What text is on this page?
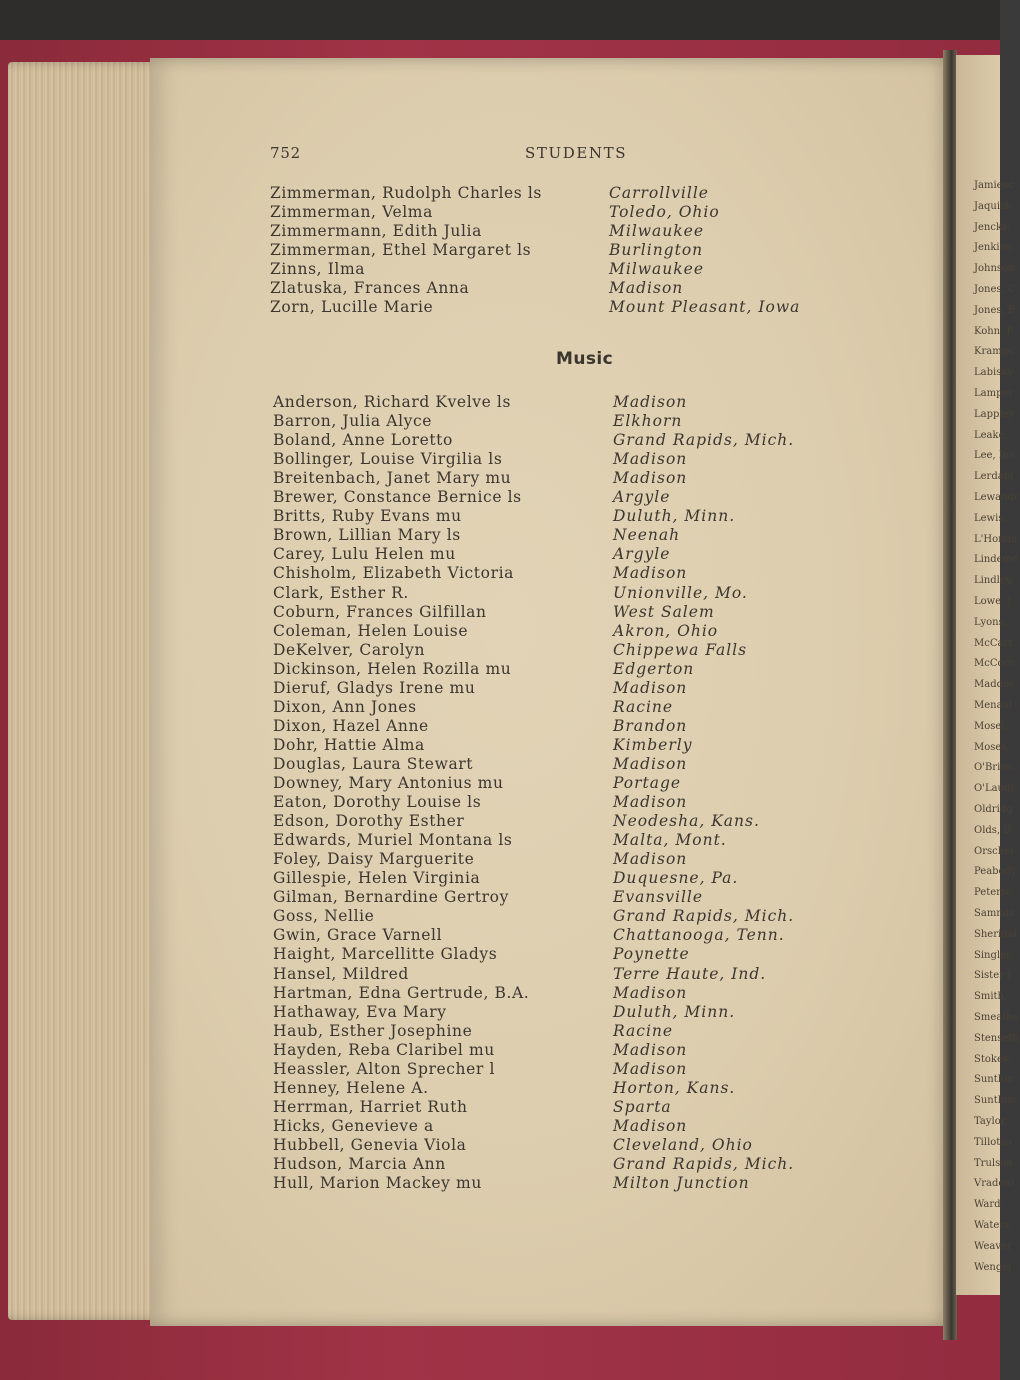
Jamiesc
Jaquish
Jencks,
Jenkins,
Johnson
Jones, C
Jones, F
Kohn, F
Krampe
Labisky
Lamper
Lappley
Leake,
Lee, Ina
Lerdahl
Lewandc
Lewis,
L'Homm
Lindeme
Lindley,
Lowe, J
Lyons,
McCart
McCorn
Maddoc
Menaul
Mosel,
Moses,
O'Brien
O'Laugl
Oldridg
Olds, D
Orschel
Peabody
Peterse
Sammis
Sheridal
Singler,
Sister I
Smith,
Smeathe
Stenseth
Stokes,
Sunthin
Sunthin
Taylor,
Tillotso
Trulson
Vradenl
Ward,
Waters
Weaver
Wengel
752	STUDENTS
Zimmerman, Rudolph Charles ls	Carrollville
Zimmerman, Velma	Toledo, Ohio
Zimmermann, Edith Julia	Milwaukee
Zimmerman, Ethel Margaret ls	Burlington
Zinns, Ilma	Milwaukee
Zlatuska, Frances Anna	Madison
Zorn, Lucille Marie	Mount Pleasant, Iowa
Music
Anderson, Richard Kvelve ls	Madison
Barron, Julia Alyce	Elkhorn
Boland, Anne Loretto	Grand Rapids, Mich.
Bollinger, Louise Virgilia ls	Madison
Breitenbach, Janet Mary mu	Madison
Brewer, Constance Bernice ls	Argyle
Britts, Ruby Evans mu	Duluth, Minn.
Brown, Lillian Mary ls	Neenah
Carey, Lulu Helen mu	Argyle
Chisholm, Elizabeth Victoria	Madison
Clark, Esther R.	Unionville, Mo.
Coburn, Frances Gilfillan	West Salem
Coleman, Helen Louise	Akron, Ohio
DeKelver, Carolyn	Chippewa Falls
Dickinson, Helen Rozilla mu	Edgerton
Dieruf, Gladys Irene mu	Madison
Dixon, Ann Jones	Racine
Dixon, Hazel Anne	Brandon
Dohr, Hattie Alma	Kimberly
Douglas, Laura Stewart	Madison
Downey, Mary Antonius mu	Portage
Eaton, Dorothy Louise ls	Madison
Edson, Dorothy Esther	Neodesha, Kans.
Edwards, Muriel Montana ls	Malta, Mont.
Foley, Daisy Marguerite	Madison
Gillespie, Helen Virginia	Duquesne, Pa.
Gilman, Bernardine Gertroy	Evansville
Goss, Nellie	Grand Rapids, Mich.
Gwin, Grace Varnell	Chattanooga, Tenn.
Haight, Marcellitte Gladys	Poynette
Hansel, Mildred	Terre Haute, Ind.
Hartman, Edna Gertrude, B.A.	Madison
Hathaway, Eva Mary	Duluth, Minn.
Haub, Esther Josephine	Racine
Hayden, Reba Claribel mu	Madison
Heassler, Alton Sprecher l	Madison
Henney, Helene A.	Horton, Kans.
Herrman, Harriet Ruth	Sparta
Hicks, Genevieve a	Madison
Hubbell, Genevia Viola	Cleveland, Ohio
Hudson, Marcia Ann	Grand Rapids, Mich.
Hull, Marion Mackey mu	Milton Junction
